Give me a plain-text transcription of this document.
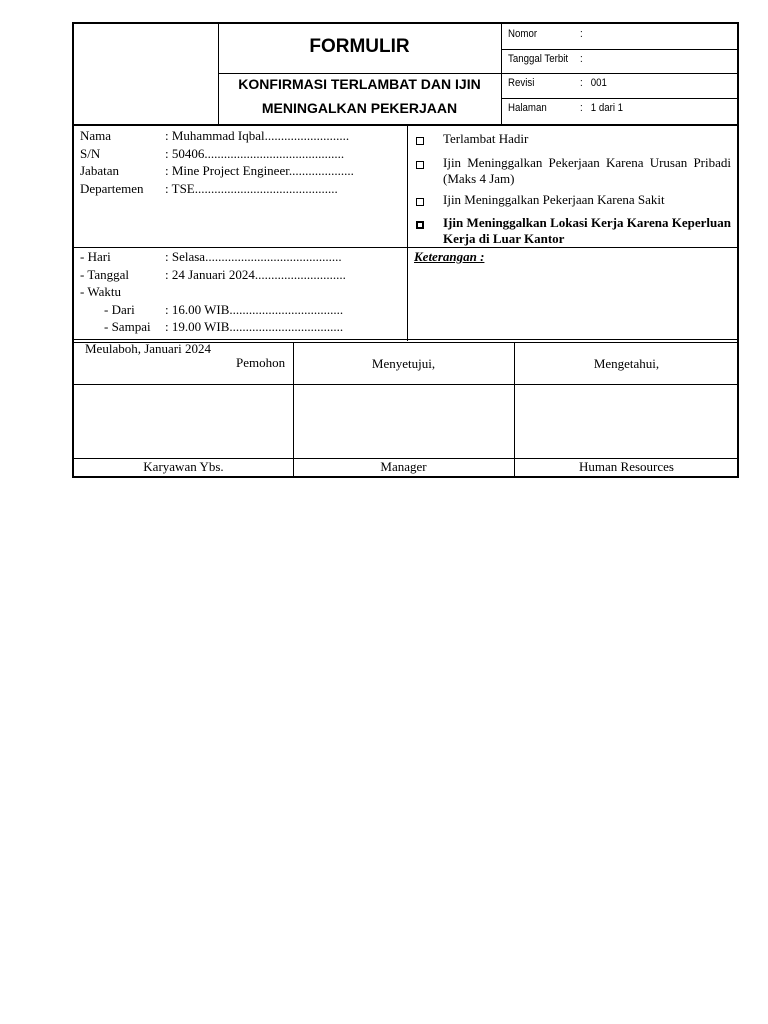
FORMULIR
KONFIRMASI TERLAMBAT DAN IJIN
MENINGALKAN PEKERJAAN
Nomor	:
Tanggal Terbit :
Revisi	:   001
Halaman	:   1 dari 1
Nama	: Muhammad Iqbal..........................
S/N	: 50406...........................................
Jabatan	: Mine Project Engineer....................
Departemen : TSE............................................
Terlambat Hadir
Ijin Meninggalkan Pekerjaan Karena Urusan Pribadi (Maks 4 Jam)
Ijin Meninggalkan Pekerjaan Karena Sakit
Ijin Meninggalkan Lokasi Kerja Karena Keperluan Kerja di Luar Kantor
- Hari	: Selasa..........................................
- Tanggal	: 24 Januari 2024............................
- Waktu
- Dari : 16.00 WIB...................................
- Sampai : 19.00 WIB...................................
Keterangan :
Meulaboh, Januari 2024
Pemohon	Menyetujui,	Mengetahui,
Karyawan Ybs.	Manager	Human Resources
